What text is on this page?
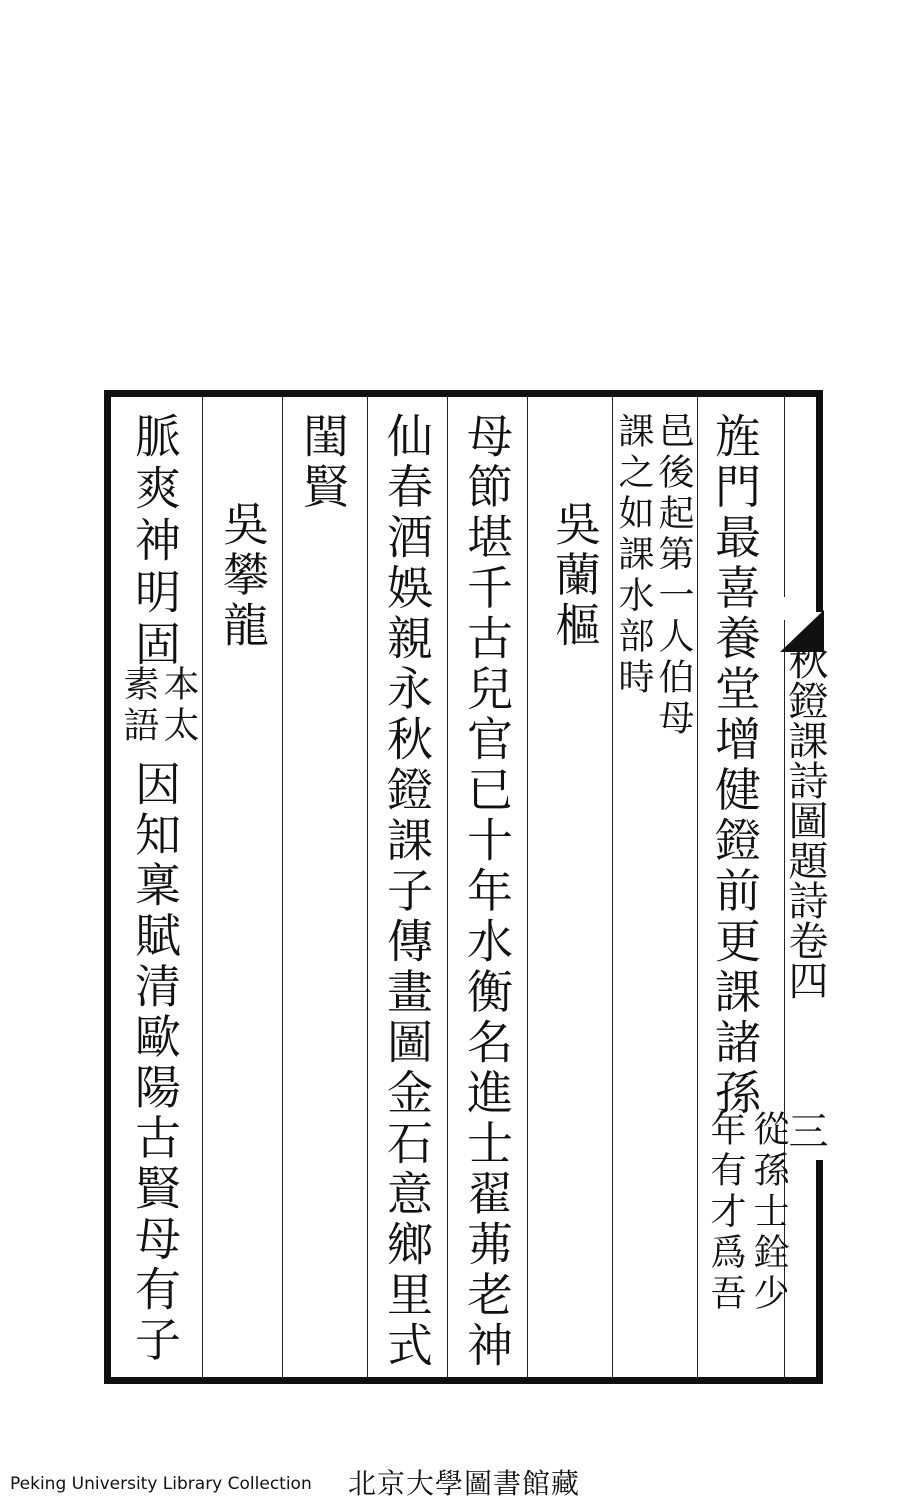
秋鐙課詩圖題詩卷四
三
旌門最喜養堂增健鐙前更課諸孫
從孫士銓少
年有才爲吾
邑後起第一人伯母
課之如課水部時
吳蘭樞
母節堪千古兒官已十年水衡名進士翟茀老神
仙春酒娛親永秋鐙課子傳畫圖金石意鄉里式
閨賢
吳攀龍
脈爽神明固
本太
素語
因知稟賦清歐陽古賢母有子
Peking University Library Collection 北京大學圖書館藏
